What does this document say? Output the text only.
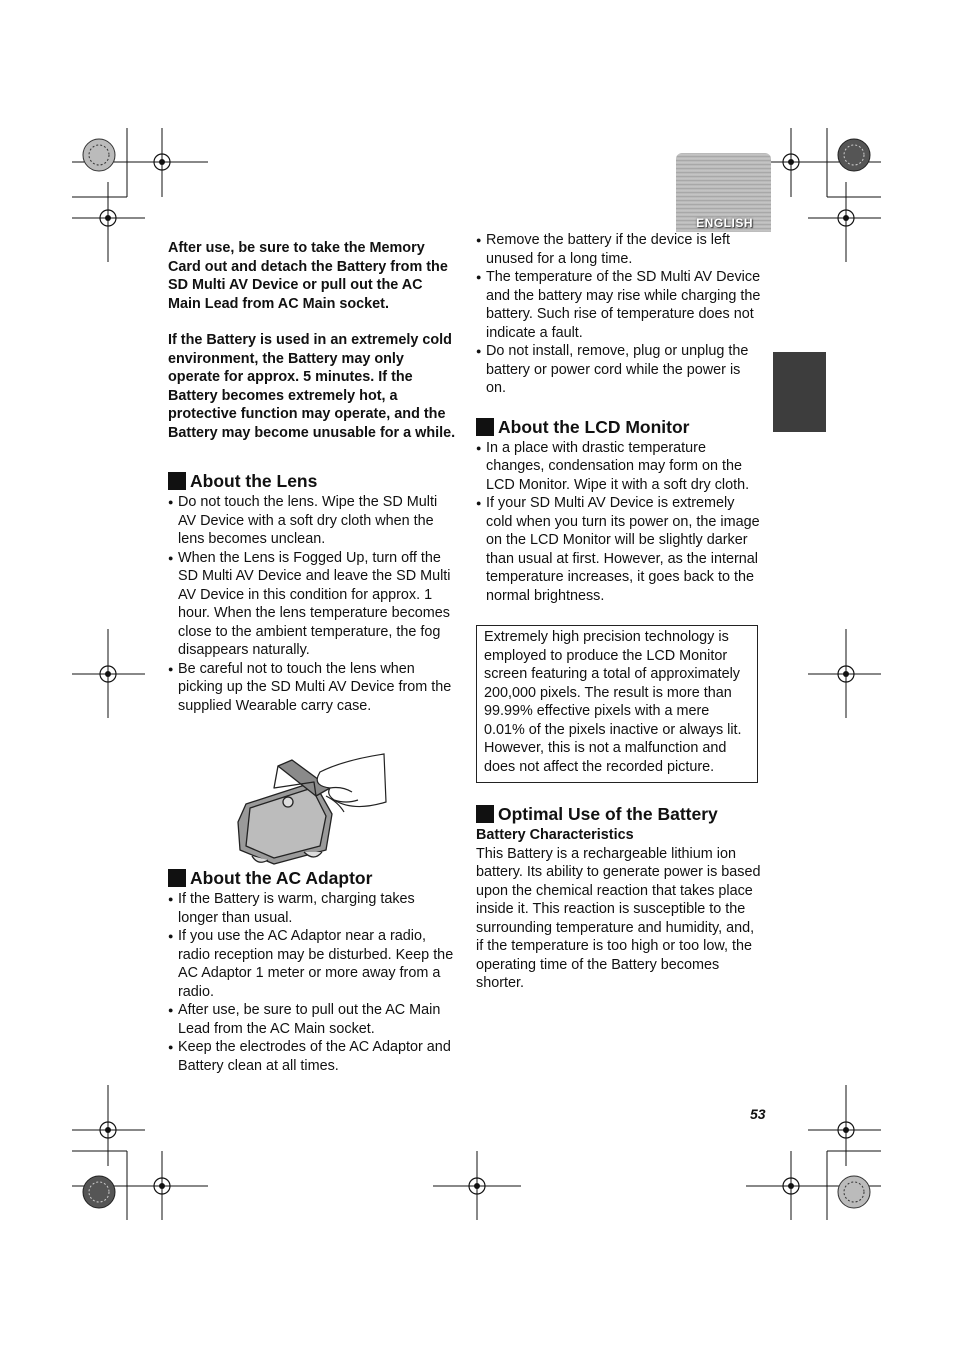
ENGLISH

After use, be sure to take the Memory Card out and detach the Battery from the SD Multi AV Device or pull out the AC Main Lead from AC Main socket.

If the Battery is used in an extremely cold environment, the Battery may only operate for approx. 5 minutes. If the Battery becomes extremely hot, a protective function may operate, and the Battery may become unusable for a while.

About the Lens
● Do not touch the lens. Wipe the SD Multi AV Device with a soft dry cloth when the lens becomes unclean.
● When the Lens is Fogged Up, turn off the SD Multi AV Device and leave the SD Multi AV Device in this condition for approx. 1 hour. When the lens temperature becomes close to the ambient temperature, the fog disappears naturally.
● Be careful not to touch the lens when picking up the SD Multi AV Device from the supplied Wearable carry case.
About the AC Adaptor
● If the Battery is warm, charging takes longer than usual.
● If you use the AC Adaptor near a radio, radio reception may be disturbed. Keep the AC Adaptor 1 meter or more away from a radio.
● After use, be sure to pull out the AC Main Lead from the AC Main socket.
● Keep the electrodes of the AC Adaptor and Battery clean at all times.
● Remove the battery if the device is left unused for a long time.
● The temperature of the SD Multi AV Device and the battery may rise while charging the battery. Such rise of temperature does not indicate a fault.
● Do not install, remove, plug or unplug the battery or power cord while the power is on.
About the LCD Monitor
● In a place with drastic temperature changes, condensation may form on the LCD Monitor. Wipe it with a soft dry cloth.
● If your SD Multi AV Device is extremely cold when you turn its power on, the image on the LCD Monitor will be slightly darker than usual at first. However, as the internal temperature increases, it goes back to the normal brightness.
Extremely high precision technology is employed to produce the LCD Monitor screen featuring a total of approximately 200,000 pixels. The result is more than 99.99% effective pixels with a mere 0.01% of the pixels inactive or always lit. However, this is not a malfunction and does not affect the recorded picture.
Optimal Use of the Battery

Battery Characteristics

This Battery is a rechargeable lithium ion battery. Its ability to generate power is based upon the chemical reaction that takes place inside it. This reaction is susceptible to the surrounding temperature and humidity, and, if the temperature is too high or too low, the operating time of the Battery becomes shorter.

53
